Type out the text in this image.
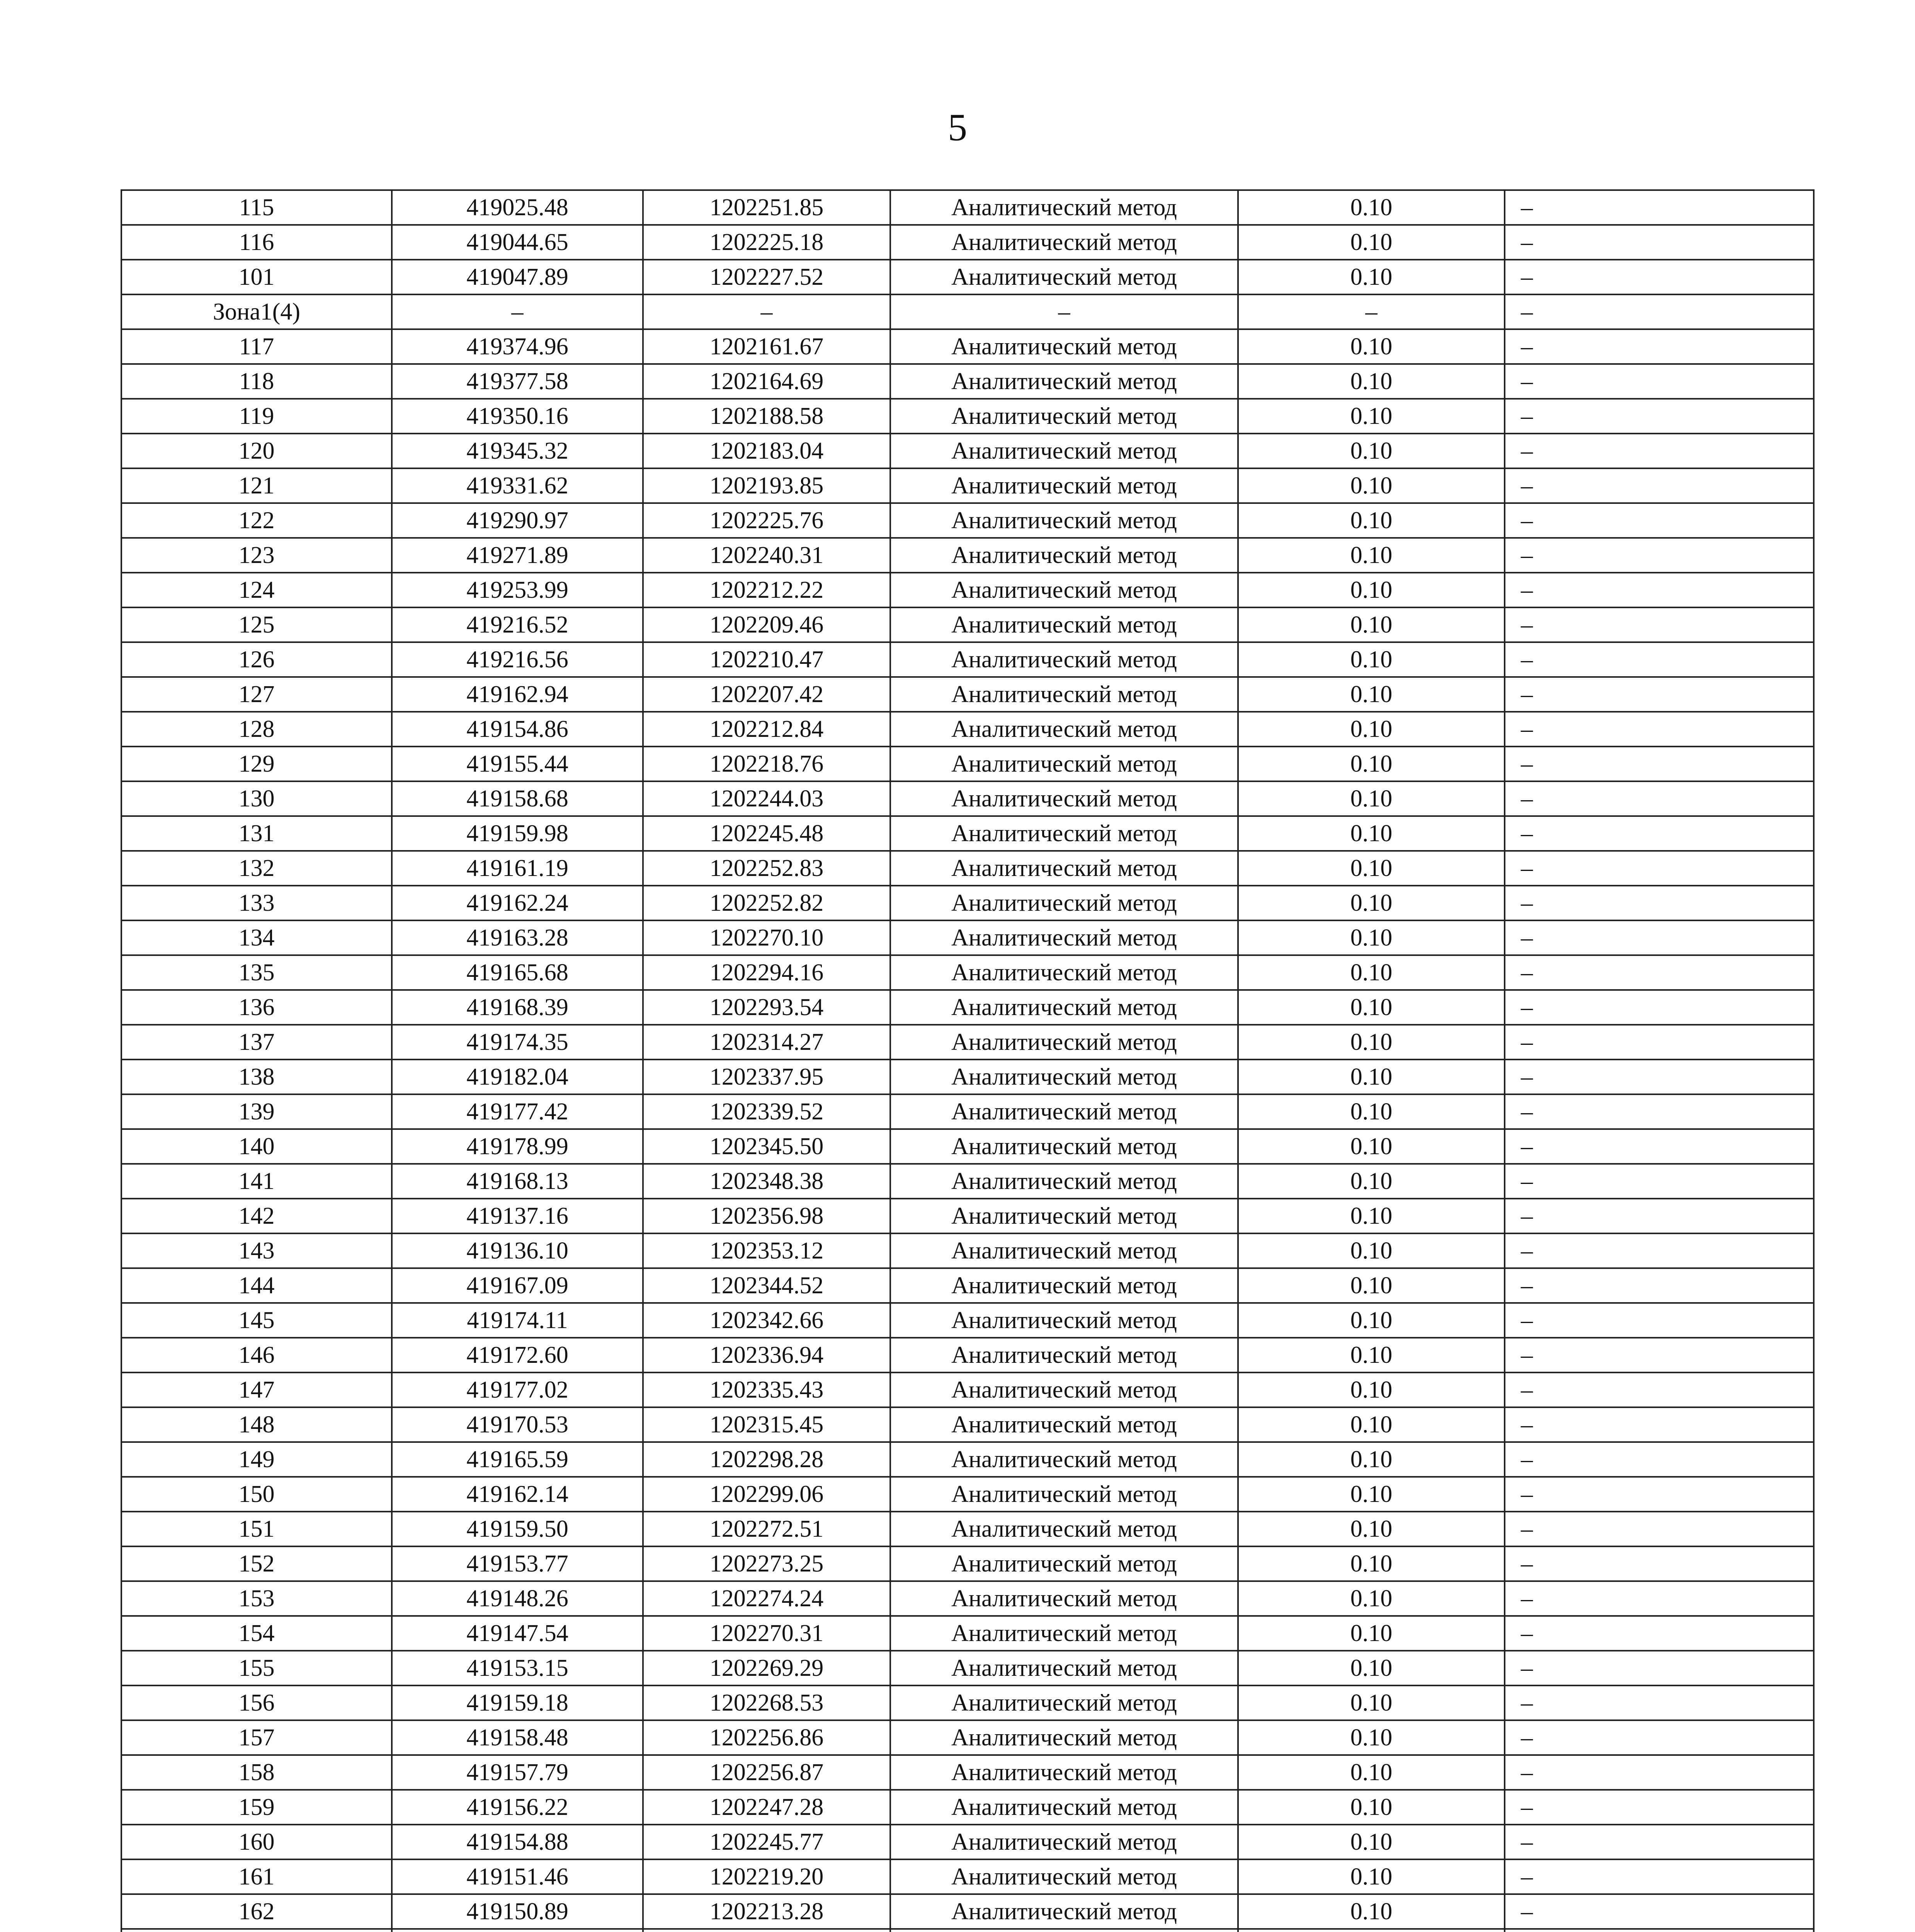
5
115	419025.48	1202251.85	Аналитический метод	0.10	–
116	419044.65	1202225.18	Аналитический метод	0.10	–
101	419047.89	1202227.52	Аналитический метод	0.10	–
Зона1(4)	–	–	–	–	–
117	419374.96	1202161.67	Аналитический метод	0.10	–
118	419377.58	1202164.69	Аналитический метод	0.10	–
119	419350.16	1202188.58	Аналитический метод	0.10	–
120	419345.32	1202183.04	Аналитический метод	0.10	–
121	419331.62	1202193.85	Аналитический метод	0.10	–
122	419290.97	1202225.76	Аналитический метод	0.10	–
123	419271.89	1202240.31	Аналитический метод	0.10	–
124	419253.99	1202212.22	Аналитический метод	0.10	–
125	419216.52	1202209.46	Аналитический метод	0.10	–
126	419216.56	1202210.47	Аналитический метод	0.10	–
127	419162.94	1202207.42	Аналитический метод	0.10	–
128	419154.86	1202212.84	Аналитический метод	0.10	–
129	419155.44	1202218.76	Аналитический метод	0.10	–
130	419158.68	1202244.03	Аналитический метод	0.10	–
131	419159.98	1202245.48	Аналитический метод	0.10	–
132	419161.19	1202252.83	Аналитический метод	0.10	–
133	419162.24	1202252.82	Аналитический метод	0.10	–
134	419163.28	1202270.10	Аналитический метод	0.10	–
135	419165.68	1202294.16	Аналитический метод	0.10	–
136	419168.39	1202293.54	Аналитический метод	0.10	–
137	419174.35	1202314.27	Аналитический метод	0.10	–
138	419182.04	1202337.95	Аналитический метод	0.10	–
139	419177.42	1202339.52	Аналитический метод	0.10	–
140	419178.99	1202345.50	Аналитический метод	0.10	–
141	419168.13	1202348.38	Аналитический метод	0.10	–
142	419137.16	1202356.98	Аналитический метод	0.10	–
143	419136.10	1202353.12	Аналитический метод	0.10	–
144	419167.09	1202344.52	Аналитический метод	0.10	–
145	419174.11	1202342.66	Аналитический метод	0.10	–
146	419172.60	1202336.94	Аналитический метод	0.10	–
147	419177.02	1202335.43	Аналитический метод	0.10	–
148	419170.53	1202315.45	Аналитический метод	0.10	–
149	419165.59	1202298.28	Аналитический метод	0.10	–
150	419162.14	1202299.06	Аналитический метод	0.10	–
151	419159.50	1202272.51	Аналитический метод	0.10	–
152	419153.77	1202273.25	Аналитический метод	0.10	–
153	419148.26	1202274.24	Аналитический метод	0.10	–
154	419147.54	1202270.31	Аналитический метод	0.10	–
155	419153.15	1202269.29	Аналитический метод	0.10	–
156	419159.18	1202268.53	Аналитический метод	0.10	–
157	419158.48	1202256.86	Аналитический метод	0.10	–
158	419157.79	1202256.87	Аналитический метод	0.10	–
159	419156.22	1202247.28	Аналитический метод	0.10	–
160	419154.88	1202245.77	Аналитический метод	0.10	–
161	419151.46	1202219.20	Аналитический метод	0.10	–
162	419150.89	1202213.28	Аналитический метод	0.10	–
